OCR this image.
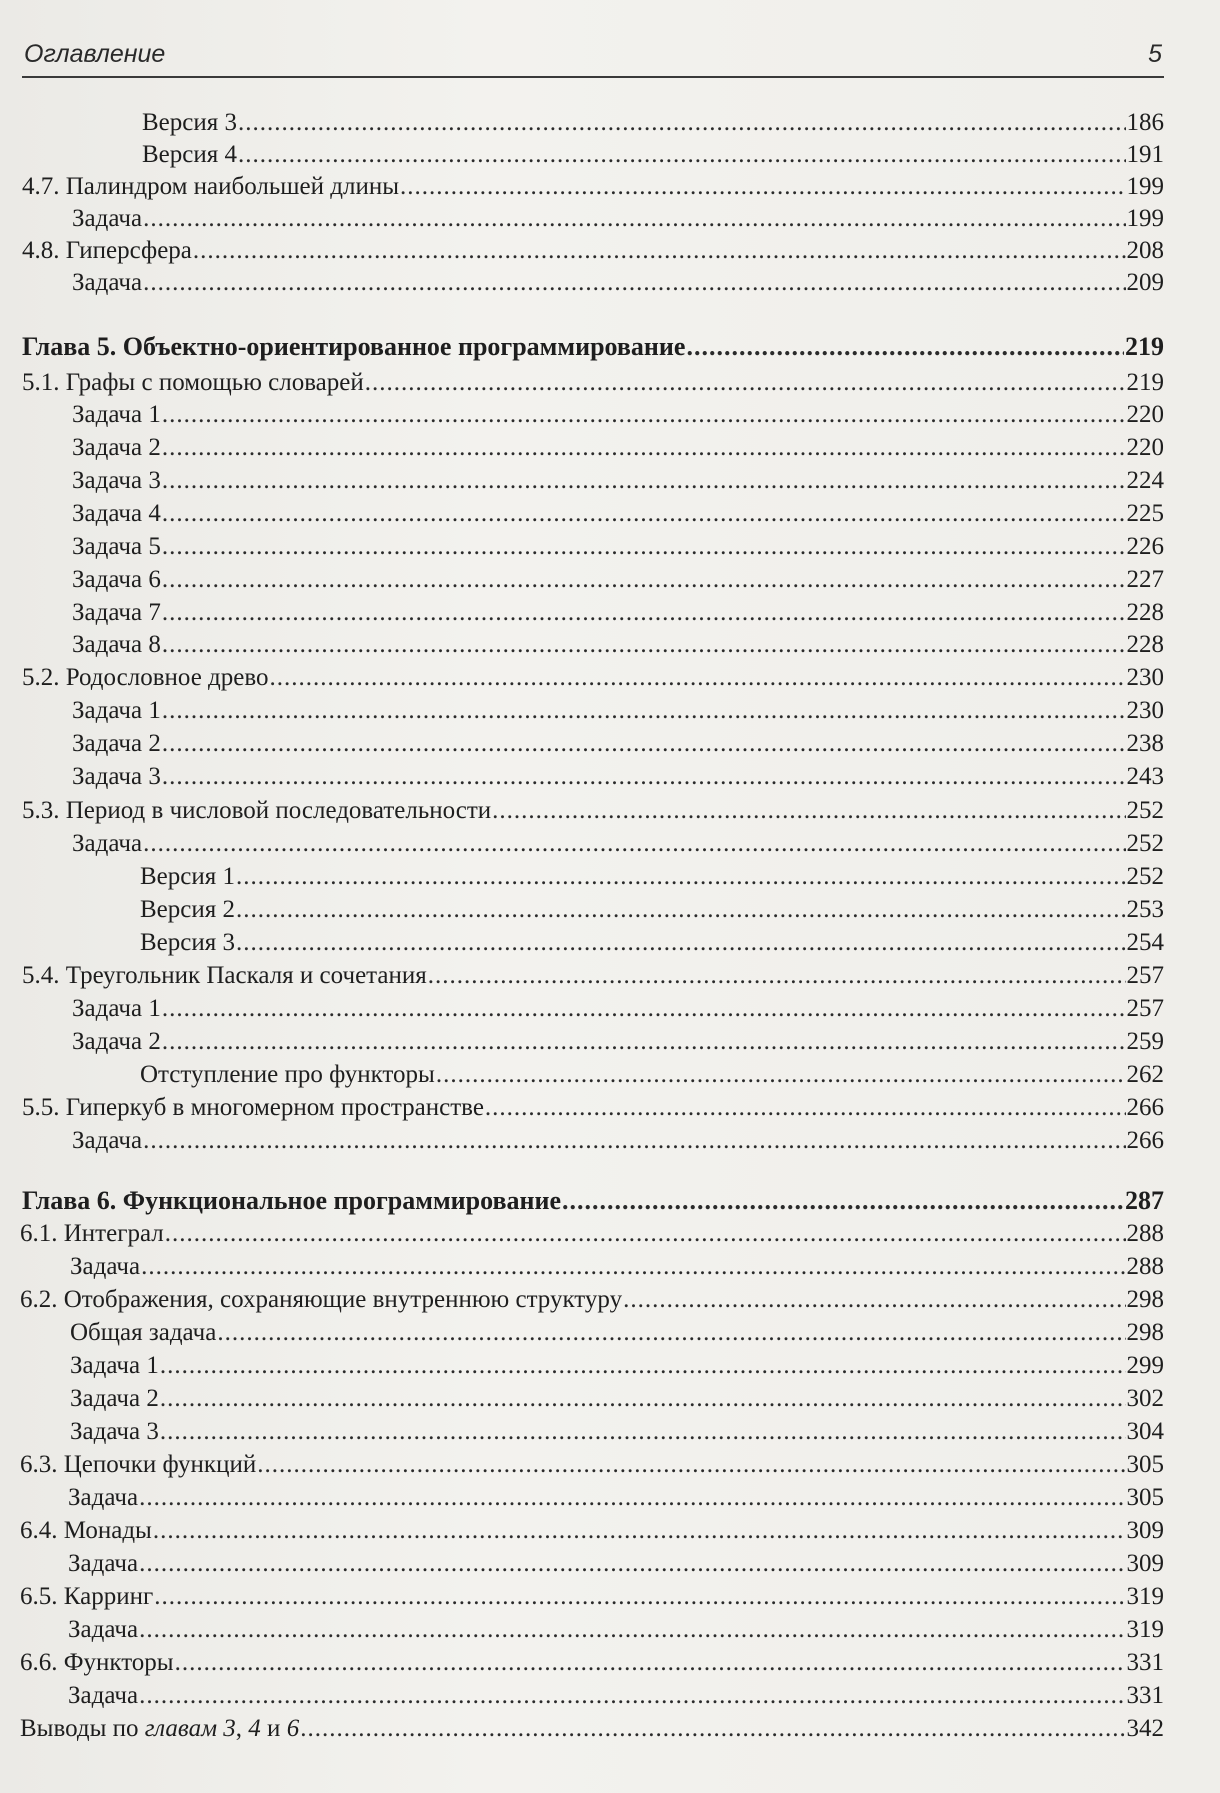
Оглавление	5
Версия 3 .....	186
Версия 4 .....	191
4.7. Палиндром наибольшей длины .....	199
Задача .....	199
4.8. Гиперсфера .....	208
Задача .....	209
Глава 5. Объектно-ориентированное программирование .....	219
5.1. Графы с помощью словарей .....	219
Задача 1 .....	220
Задача 2 .....	220
Задача 3 .....	224
Задача 4 .....	225
Задача 5 .....	226
Задача 6 .....	227
Задача 7 .....	228
Задача 8 .....	228
5.2. Родословное древо .....	230
Задача 1 .....	230
Задача 2 .....	238
Задача 3 .....	243
5.3. Период в числовой последовательности .....	252
Задача .....	252
Версия 1 .....	252
Версия 2 .....	253
Версия 3 .....	254
5.4. Треугольник Паскаля и сочетания .....	257
Задача 1 .....	257
Задача 2 .....	259
Отступление про функторы .....	262
5.5. Гиперкуб в многомерном пространстве .....	266
Задача .....	266
Глава 6. Функциональное программирование .....	287
6.1. Интеграл .....	288
Задача .....	288
6.2. Отображения, сохраняющие внутреннюю структуру .....	298
Общая задача .....	298
Задача 1 .....	299
Задача 2 .....	302
Задача 3 .....	304
6.3. Цепочки функций .....	305
Задача .....	305
6.4. Монады .....	309
Задача .....	309
6.5. Карринг .....	319
Задача .....	319
6.6. Функторы .....	331
Задача .....	331
Выводы по главам 3, 4 и 6 .....	342
